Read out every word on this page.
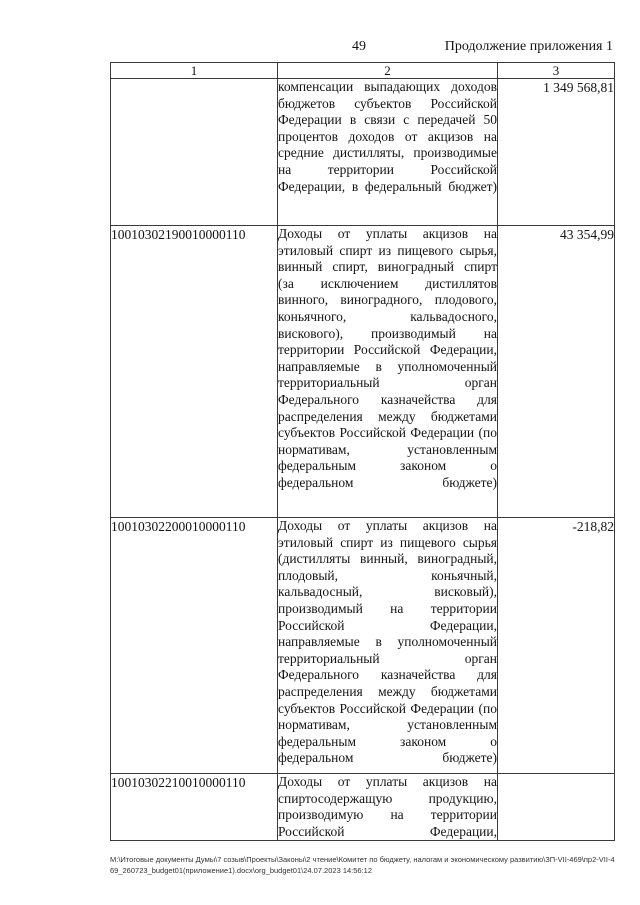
49	Продолжение приложения 1
1	2	3
	компенсации выпадающих доходов бюджетов субъектов Российской Федерации в связи с передачей 50 процентов доходов от акцизов на средние дистилляты, производимые на территории Российской Федерации, в федеральный бюджет)	1 349 568,81
10010302190010000110	Доходы от уплаты акцизов на этиловый спирт из пищевого сырья, винный спирт, виноградный спирт (за исключением дистиллятов винного, виноградного, плодового, коньячного, кальвадосного, вискового), производимый на территории Российской Федерации, направляемые в уполномоченный территориальный орган Федерального казначейства для распределения между бюджетами субъектов Российской Федерации (по нормативам, установленным федеральным законом о федеральном бюджете)	43 354,99
10010302200010000110	Доходы от уплаты акцизов на этиловый спирт из пищевого сырья (дистилляты винный, виноградный, плодовый, коньячный, кальвадосный, висковый), производимый на территории Российской Федерации, направляемые в уполномоченный территориальный орган Федерального казначейства для распределения между бюджетами субъектов Российской Федерации (по нормативам, установленным федеральным законом о федеральном бюджете)	-218,82
10010302210010000110	Доходы от уплаты акцизов на спиртосодержащую продукцию, производимую на территории Российской Федерации,	
M:\Итоговые документы Думы\7 созыв\Проекты\Законы\2 чтение\Комитет по бюджету, налогам и экономическому развитию\ЗП-VII-469\пр2-VII-469_260723_budget01(приложение1).docx\org_budget01\24.07.2023 14:56:12
